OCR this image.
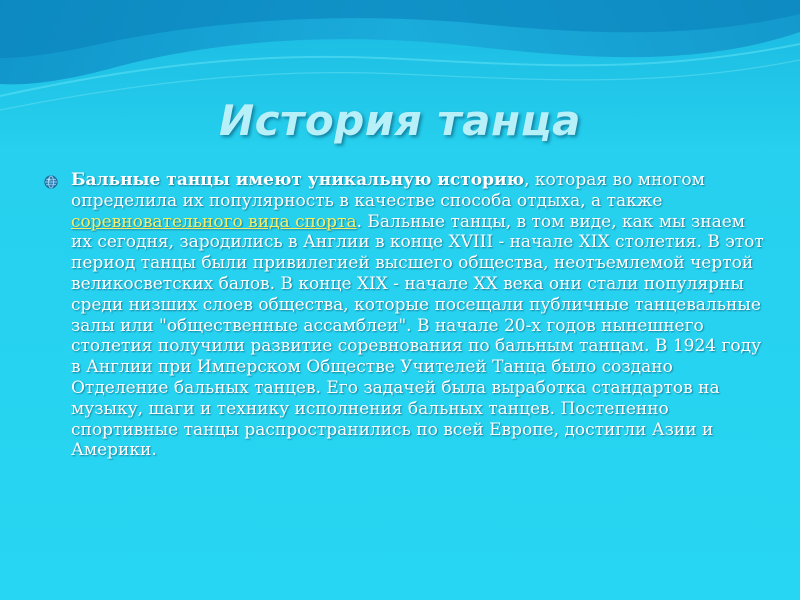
История танца

Бальные танцы имеют уникальную историю, которая во многом определила их популярность в качестве способа отдыха, а также соревновательного вида спорта. Бальные танцы, в том виде, как мы знаем их сегодня, зародились в Англии в конце XVIII - начале XIX столетия. В этот период танцы были привилегией высшего общества, неотъемлемой чертой великосветских балов. В конце XIX - начале XX века они стали популярны среди низших слоев общества, которые посещали публичные танцевальные залы или "общественные ассамблеи". В начале 20-х годов нынешнего столетия получили развитие соревнования по бальным танцам. В 1924 году в Англии при Имперском Обществе Учителей Танца было создано Отделение бальных танцев. Его задачей была выработка стандартов на музыку, шаги и технику исполнения бальных танцев. Постепенно спортивные танцы распространились по всей Европе, достигли Азии и Америки.
